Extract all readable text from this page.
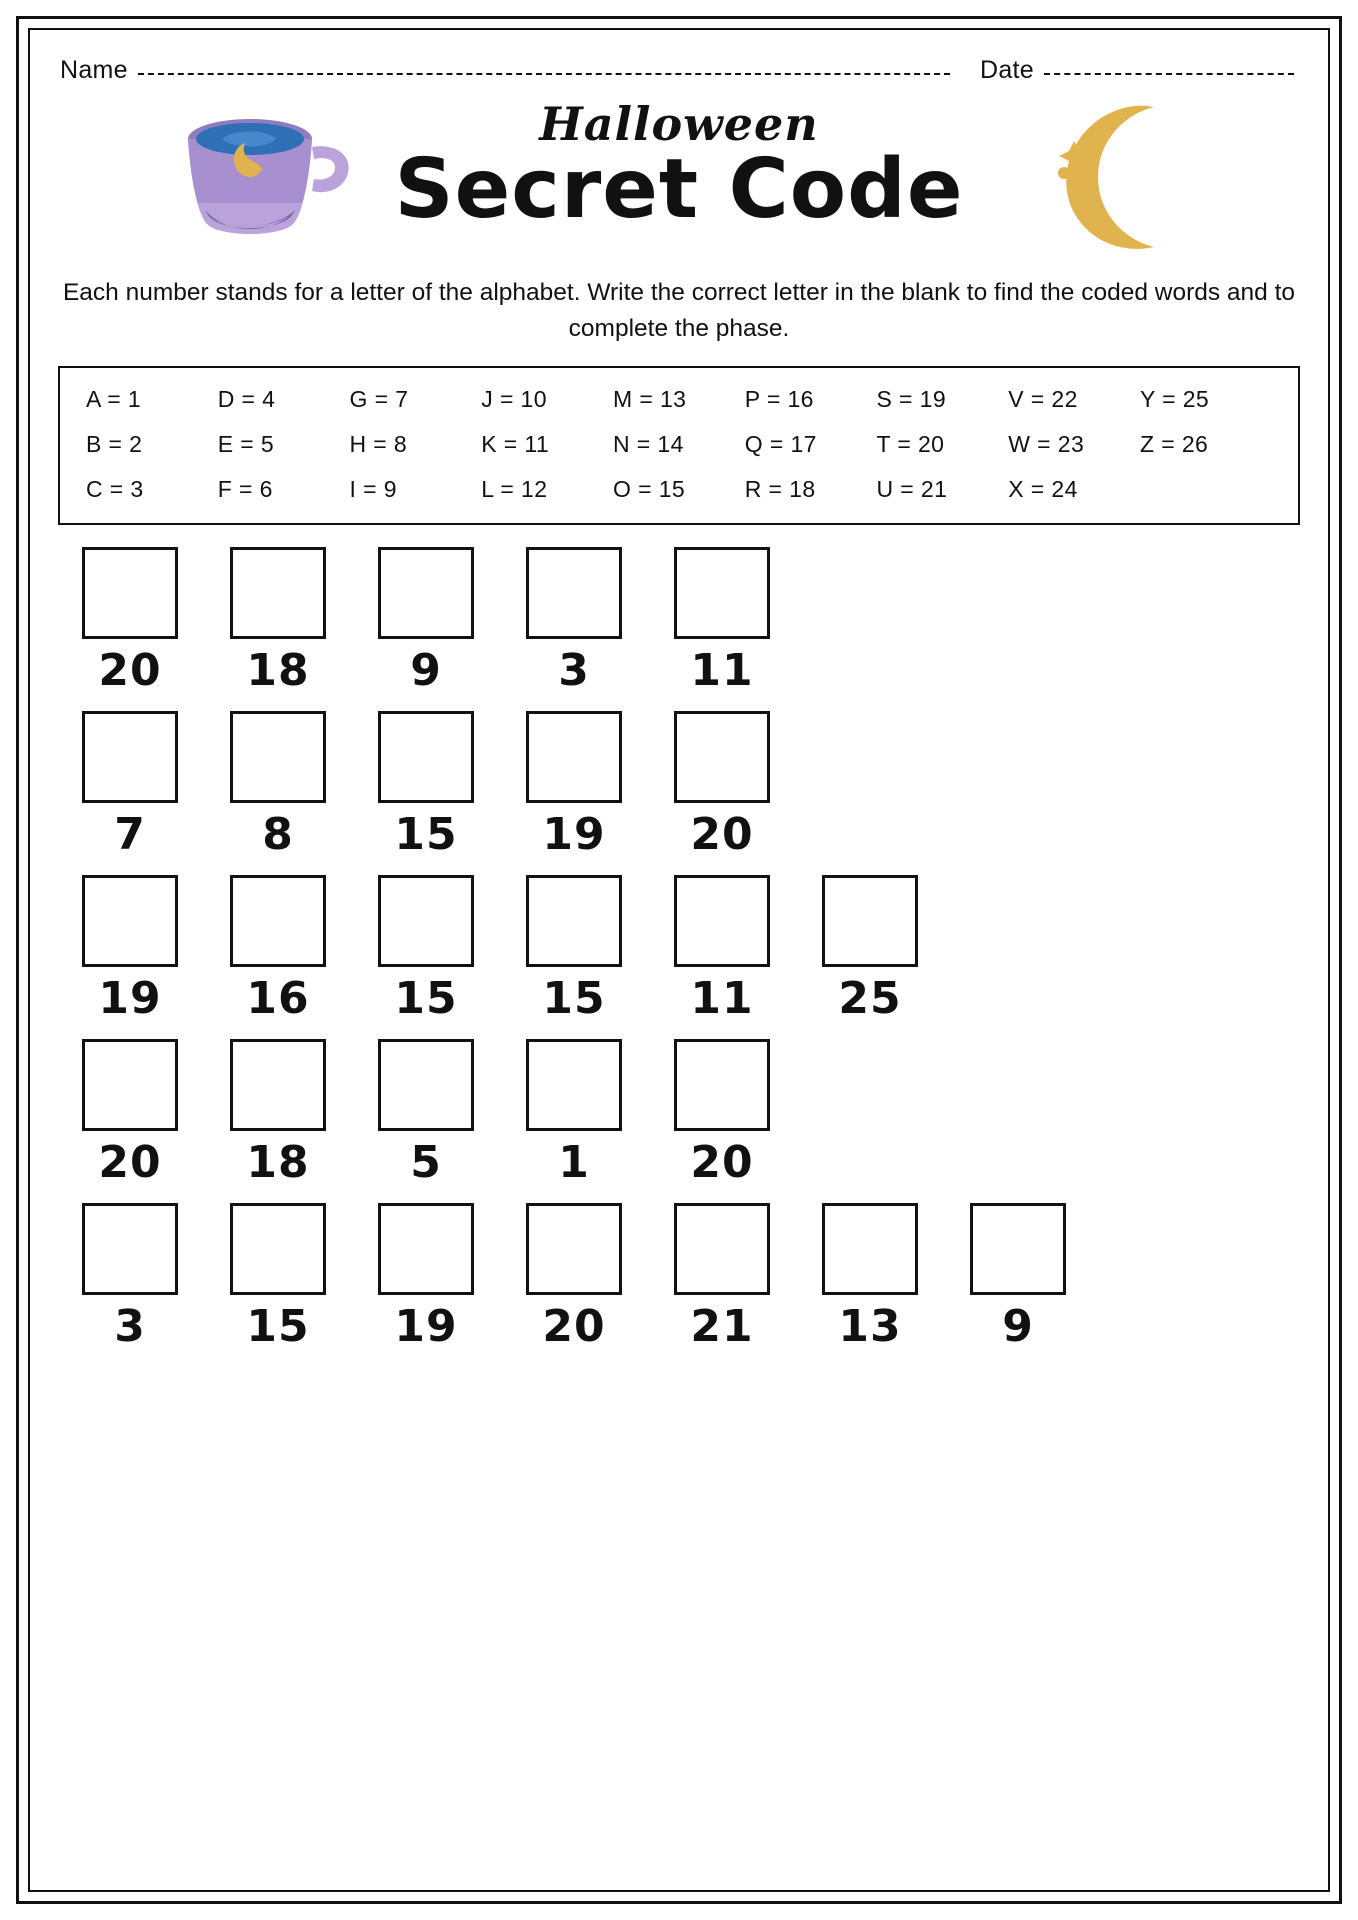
Name	Date
Halloween
Secret Code
Each number stands for a letter of the alphabet. Write the correct letter in the blank to find the coded words and to complete the phase.
A = 1	D = 4	G = 7	J = 10	M = 13	P = 16	S = 19	V = 22	Y = 25
B = 2	E = 5	H = 8	K = 11	N = 14	Q = 17	T = 20	W = 23	Z = 26
C = 3	F = 6	I = 9	L = 12	O = 15	R = 18	U = 21	X = 24
20 18 9	3 11
7	8 15 19 20
19 16 15 15 11 25
20 18 5	1 20
3 15 19 20 21 13 9
